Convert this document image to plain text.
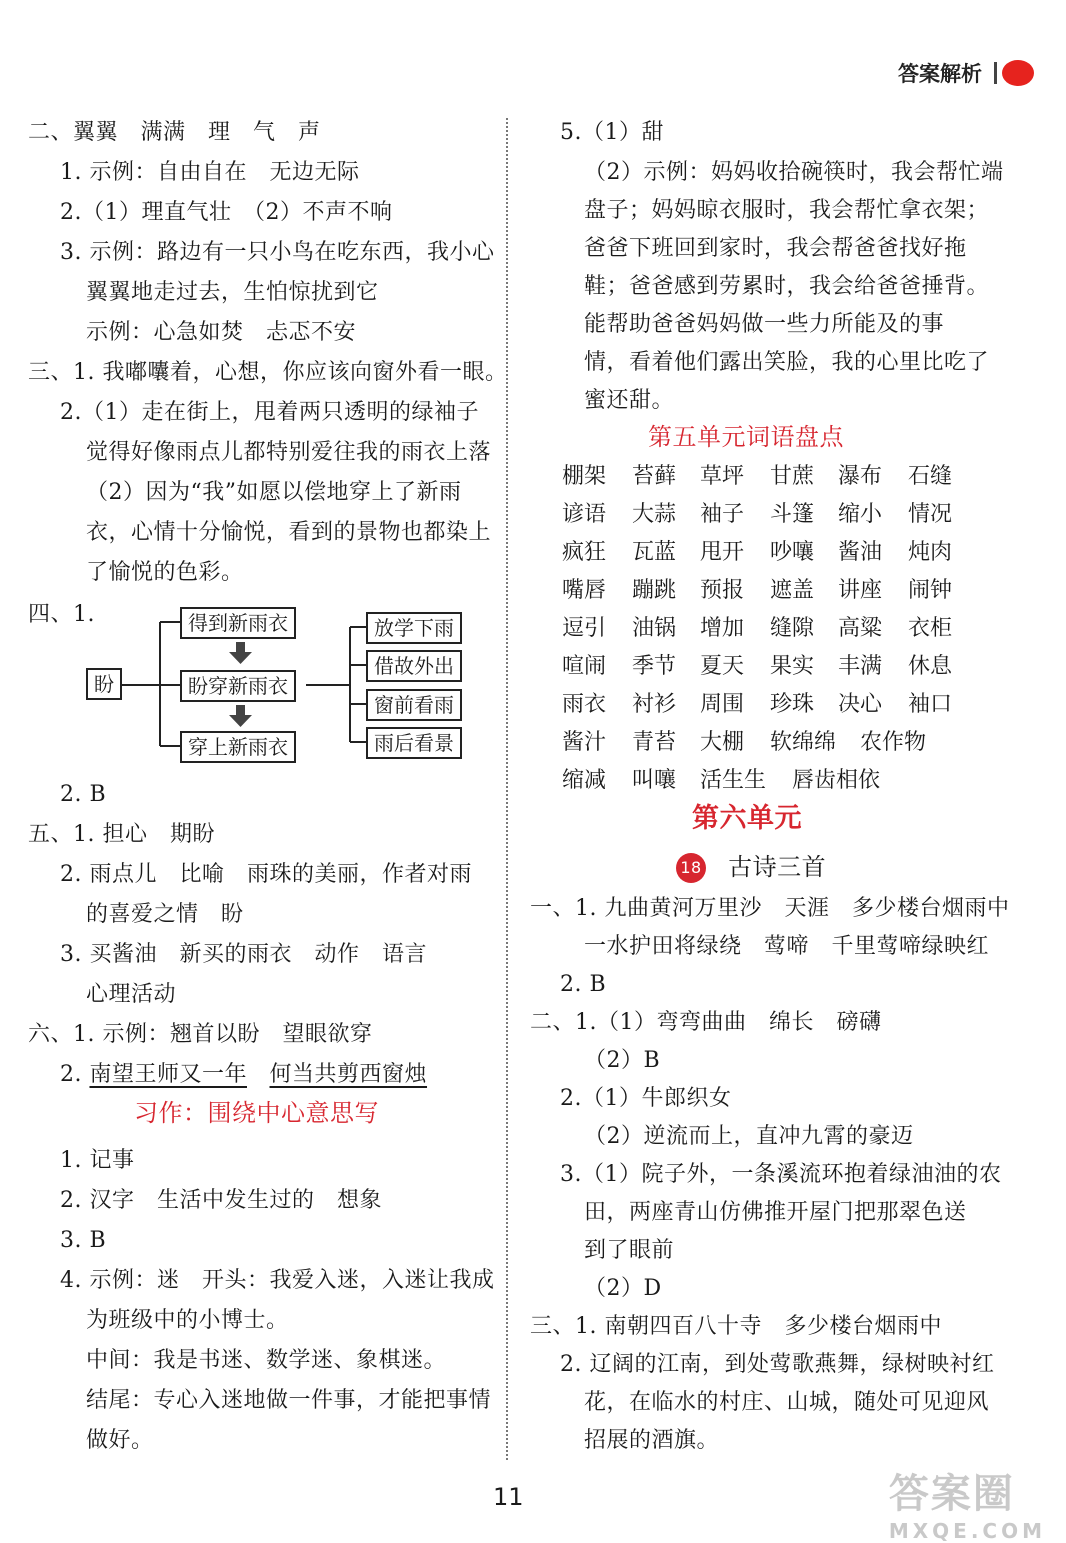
答案解析
二、翼翼　满满　理　气　声
1. 示例：自由自在　无边无际
2.（1）理直气壮　（2）不声不响
3. 示例：路边有一只小鸟在吃东西，我小心
翼翼地走过去，生怕惊扰到它
示例：心急如焚　忐忑不安
三、1. 我嘟囔着，心想，你应该向窗外看一眼。
2.（1）走在街上，甩着两只透明的绿袖子
觉得好像雨点儿都特别爱往我的雨衣上落
（2）因为“我”如愿以偿地穿上了新雨
衣，心情十分愉悦，看到的景物也都染上
了愉悦的色彩。
四、1.
盼
得到新雨衣
盼穿新雨衣
穿上新雨衣
放学下雨
借故外出
窗前看雨
雨后看景
2. B
五、1. 担心　期盼
2. 雨点儿　比喻　雨珠的美丽，作者对雨
的喜爱之情　盼
3. 买酱油　新买的雨衣　动作　语言
心理活动
六、1. 示例：翘首以盼　望眼欲穿
2. 南望王师又一年　 何当共剪西窗烛
习作：围绕中心意思写
1. 记事
2. 汉字　生活中发生过的　想象
3. B
4. 示例：迷　开头：我爱入迷，入迷让我成
为班级中的小博士。
中间：我是书迷、数学迷、象棋迷。
结尾：专心入迷地做一件事，才能把事情
做好。
5.（1）甜
（2）示例：妈妈收拾碗筷时，我会帮忙端
盘子；妈妈晾衣服时，我会帮忙拿衣架；
爸爸下班回到家时，我会帮爸爸找好拖
鞋；爸爸感到劳累时，我会给爸爸捶背。
能帮助爸爸妈妈做一些力所能及的事
情，看着他们露出笑脸，我的心里比吃了
蜜还甜。
第五单元词语盘点
棚架 苔藓 草坪 甘蔗 瀑布 石缝
谚语 大蒜 袖子 斗篷 缩小 情况
疯狂 瓦蓝 甩开 吵嚷 酱油 炖肉
嘴唇 蹦跳 预报 遮盖 讲座 闹钟
逗引 油锅 增加 缝隙 高粱 衣柜
喧闹 季节 夏天 果实 丰满 休息
雨衣 衬衫 周围 珍珠 决心 袖口
酱汁 青苔 大棚 软绵绵 农作物
缩减 叫嚷 活生生 唇齿相依
第六单元
18 古诗三首
一、1. 九曲黄河万里沙　天涯　多少楼台烟雨中
一水护田将绿绕　莺啼　千里莺啼绿映红
2. B
二、1.（1）弯弯曲曲　绵长　磅礴
（2）B
2.（1）牛郎织女
（2）逆流而上，直冲九霄的豪迈
3.（1）院子外，一条溪流环抱着绿油油的农
田，两座青山仿佛推开屋门把那翠色送
到了眼前
（2）D
三、1. 南朝四百八十寺　多少楼台烟雨中
2. 辽阔的江南，到处莺歌燕舞，绿树映衬红
花，在临水的村庄、山城，随处可见迎风
招展的酒旗。
11	答案圈
MXQE.COM
